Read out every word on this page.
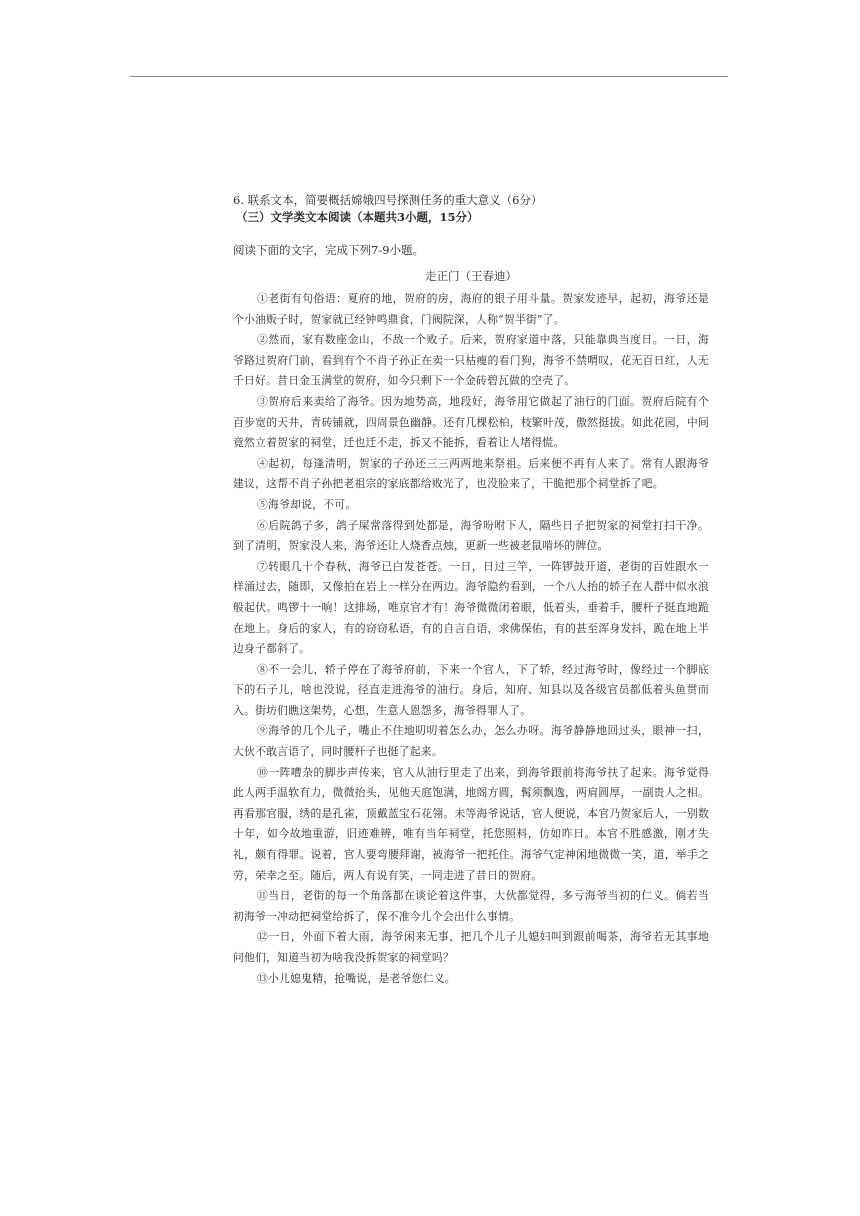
6. 联系文本，简要概括嫦娥四号探测任务的重大意义（6分）

（三）文学类文本阅读（本题共3小题，15分）

阅读下面的文字，完成下列7-9小题。

走正门（王春迪）

①老街有句俗语：夏府的地，贺府的房，海府的银子用斗量。贺家发迹早，起初，海爷还是个小油贩子时，贺家就已经钟鸣鼎食，门阀院深，人称“贺半街”了。

②然而，家有数座金山，不敌一个败子。后来，贺府家道中落，只能靠典当度日。一日，海爷路过贺府门前，看到有个不肖子孙正在卖一只枯瘦的看门狗，海爷不禁喟叹，花无百日红，人无千日好。昔日金玉满堂的贺府，如今只剩下一个金砖碧瓦做的空壳了。

③贺府后来卖给了海爷。因为地势高，地段好，海爷用它做起了油行的门面。贺府后院有个百步宽的天井，青砖铺就，四周景色幽静。还有几棵松柏，枝繁叶茂，傲然挺拔。如此花园，中间竟然立着贺家的祠堂，迁也迁不走，拆又不能拆，看着让人堵得慌。

④起初，每逢清明，贺家的子孙还三三两两地来祭祖。后来便不再有人来了。常有人跟海爷建议，这帮不肖子孙把老祖宗的家底都给败光了，也没脸来了，干脆把那个祠堂拆了吧。

⑤海爷却说，不可。

⑥后院鸽子多，鸽子屎常落得到处都是，海爷吩咐下人，隔些日子把贺家的祠堂打扫干净。到了清明，贺家没人来，海爷还让人烧香点烛，更新一些被老鼠啃坏的牌位。

⑦转眼几十个春秋，海爷已白发苍苍。一日，日过三竿，一阵锣鼓开道，老街的百姓跟水一样涌过去，随即，又像拍在岩上一样分在两边。海爷隐约看到，一个八人抬的轿子在人群中似水浪般起伏。鸣锣十一响！这排场，唯京官才有！海爷微微闭着眼，低着头，垂着手，腰杆子挺直地跪在地上。身后的家人，有的窃窃私语，有的自言自语，求佛保佑，有的甚至浑身发抖，跪在地上半边身子都斜了。

⑧不一会儿，轿子停在了海爷府前，下来一个官人，下了轿，经过海爷时，像经过一个脚底下的石子儿，啥也没说，径直走进海爷的油行。身后，知府、知县以及各级官员都低着头鱼贯而入。街坊们瞧这架势，心想，生意人恩怨多，海爷得罪人了。

⑨海爷的几个儿子，嘴止不住地叨叨着怎么办，怎么办呀。海爷静静地回过头，眼神一扫，大伙不敢言语了，同时腰杆子也挺了起来。

⑩一阵嘈杂的脚步声传来，官人从油行里走了出来，到海爷跟前将海爷扶了起来。海爷觉得此人两手温软有力，微微抬头，见他天庭饱满，地阁方圆，髯须飘逸，两肩圆厚，一副贵人之相。再看那官服，绣的是孔雀，顶戴蓝宝石花翎。未等海爷说话，官人便说，本官乃贺家后人，一别数十年，如今故地重游，旧迹难辨，唯有当年祠堂，托您照料，仿如昨日。本官不胜感激，刚才失礼，颇有得罪。说着，官人要弯腰拜谢，被海爷一把托住。海爷气定神闲地微微一笑，道，举手之劳，荣幸之至。随后，两人有说有笑，一同走进了昔日的贺府。

⑪当日，老街的每一个角落都在谈论着这件事，大伙都觉得，多亏海爷当初的仁义。倘若当初海爷一冲动把祠堂给拆了，保不准今儿个会出什么事情。

⑫一日，外面下着大雨，海爷闲来无事，把几个儿子儿媳妇叫到跟前喝茶，海爷若无其事地问他们，知道当初为啥我没拆贺家的祠堂吗？

⑬小儿媳鬼精，抢嘴说，是老爷您仁义。
